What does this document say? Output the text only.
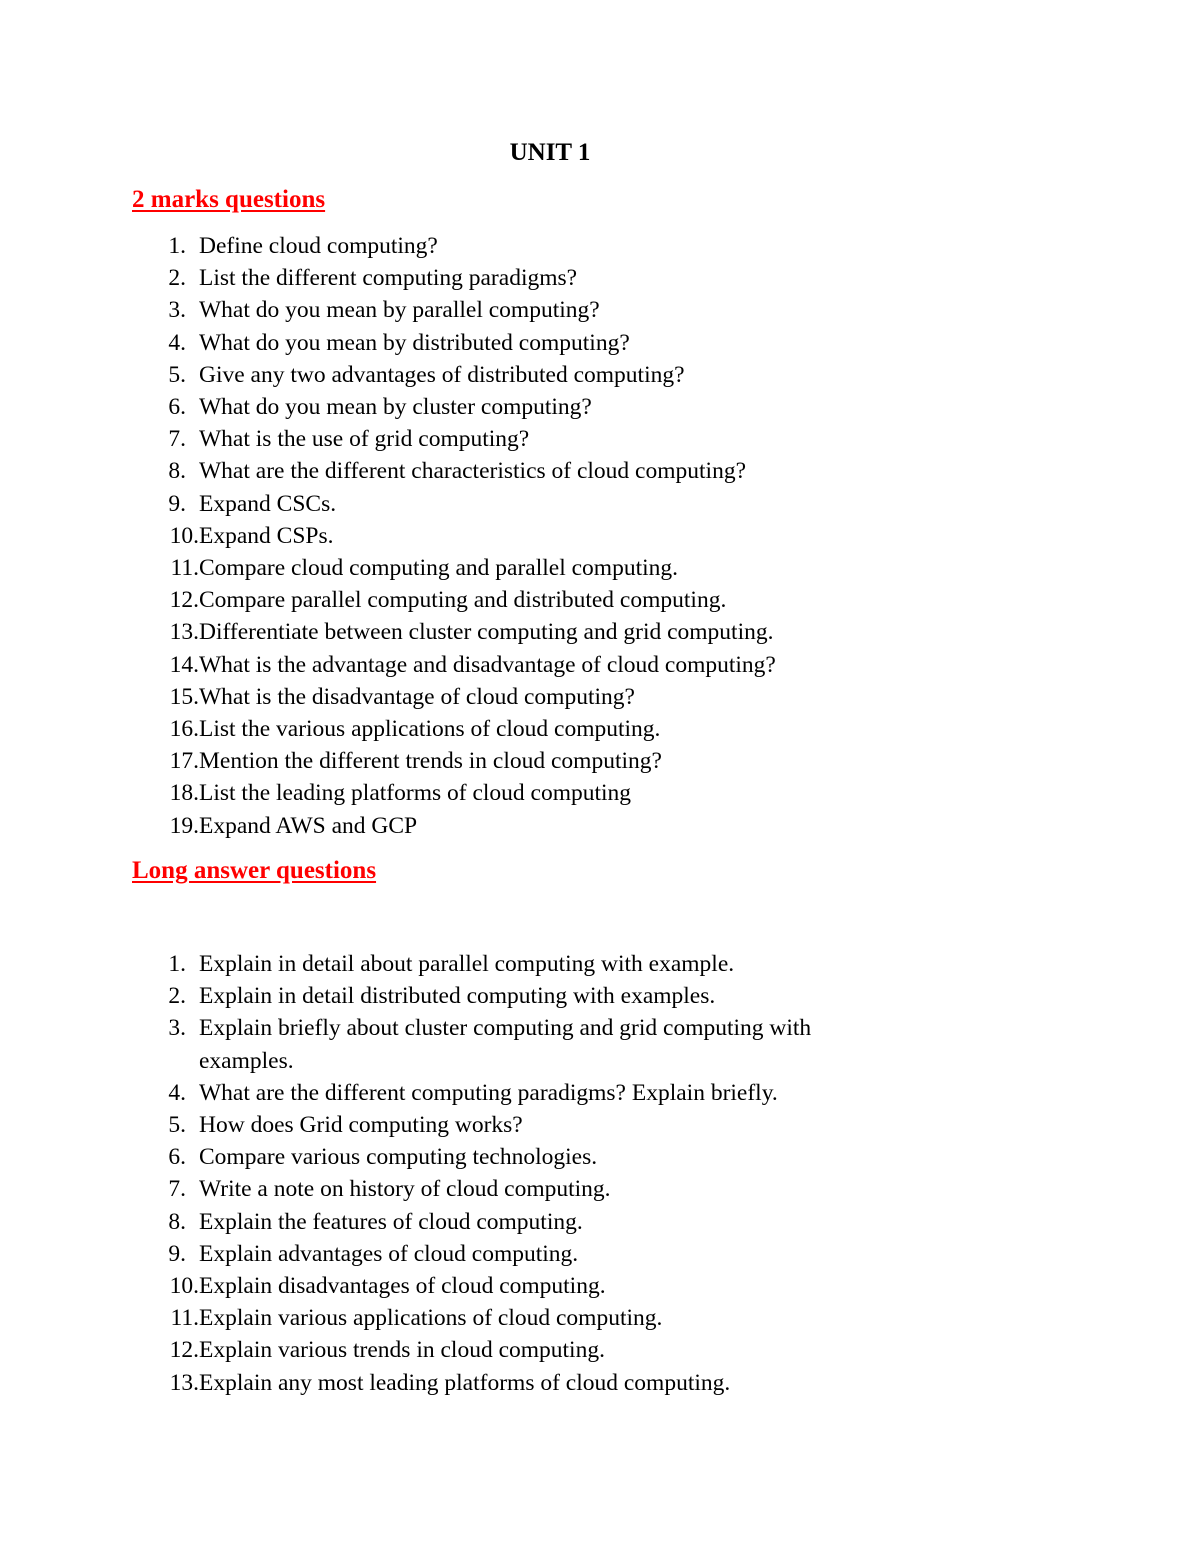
UNIT 1
2 marks questions
1. Define cloud computing?
2. List the different computing paradigms?
3. What do you mean by parallel computing?
4. What do you mean by distributed computing?
5. Give any two advantages of distributed computing?
6. What do you mean by cluster computing?
7. What is the use of grid computing?
8. What are the different characteristics of cloud computing?
9. Expand CSCs.
10. Expand CSPs.
11. Compare cloud computing and parallel computing.
12. Compare parallel computing and distributed computing.
13. Differentiate between cluster computing and grid computing.
14. What is the advantage and disadvantage of cloud computing?
15. What is the disadvantage of cloud computing?
16. List the various applications of cloud computing.
17. Mention the different trends in cloud computing?
18. List the leading platforms of cloud computing
19. Expand AWS and GCP
Long answer questions
1. Explain in detail about parallel computing with example.
2. Explain in detail distributed computing with examples.
3. Explain briefly about cluster computing and grid computing with examples.
4. What are the different computing paradigms? Explain briefly.
5. How does Grid computing works?
6. Compare various computing technologies.
7. Write a note on history of cloud computing.
8. Explain the features of cloud computing.
9. Explain advantages of cloud computing.
10. Explain disadvantages of cloud computing.
11. Explain various applications of cloud computing.
12. Explain various trends in cloud computing.
13. Explain any most leading platforms of cloud computing.
